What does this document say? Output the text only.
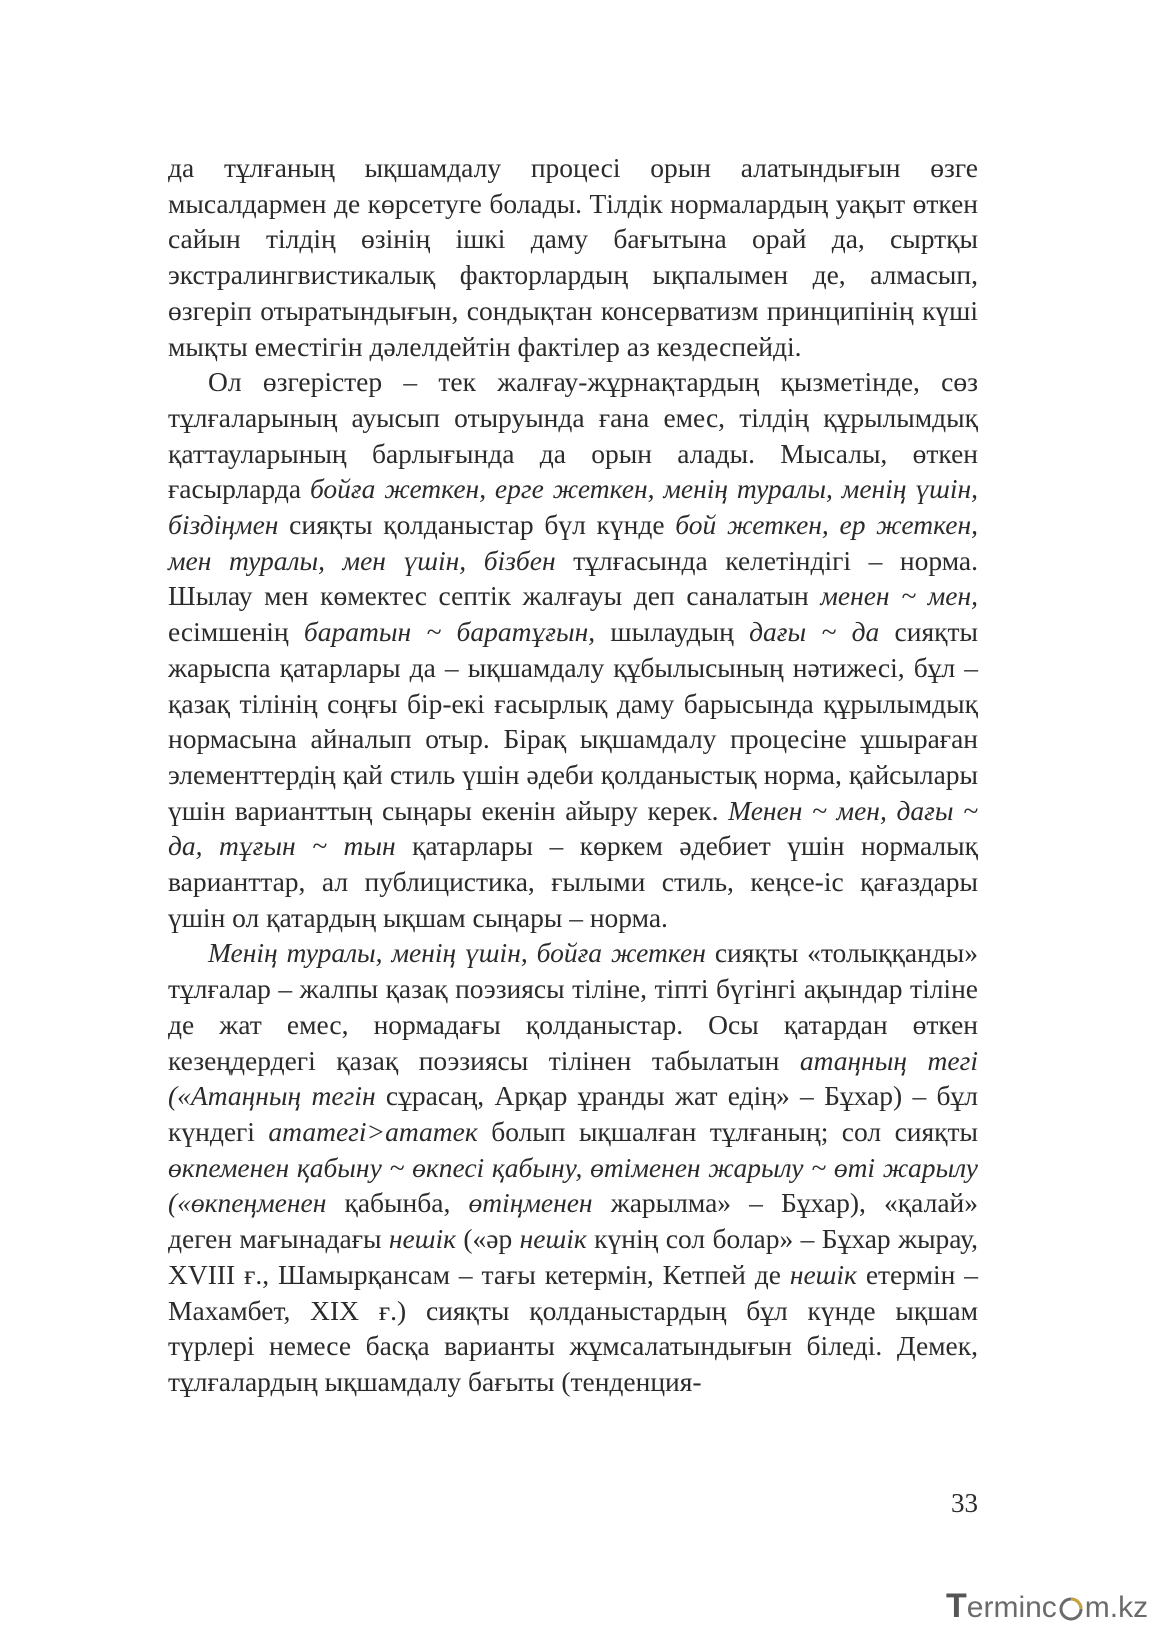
да тұлғаның ықшамдалу процесі орын алатындығын өзге мысалдармен де көрсетуге болады. Тілдік нормалардың уақыт өткен сайын тілдің өзінің ішкі даму бағытына орай да, сыртқы экстралингвистикалық факторлардың ықпалымен де, алмасып, өзгеріп отыратындығын, сондықтан консерватизм принципінің күші мықты еместігін дәлелдейтін фактілер аз кездеспейді.

Ол өзгерістер – тек жалғау-жұрнақтардың қызметінде, сөз тұлғаларының ауысып отыруында ғана емес, тілдің құрылымдық қаттауларының барлығында да орын алады. Мысалы, өткен ғасырларда бойға жеткен, ерге жеткен, менің туралы, менің үшін, біздіңмен сияқты қолданыстар бүл күнде бой жеткен, ер жеткен, мен туралы, мен үшін, бізбен тұлғасында келетіндігі – норма. Шылау мен көмектес септік жалғауы деп саналатын менен ~ мен, есімшенің баратын ~ баратұғын, шылаудың дағы ~ да сияқты жарыспа қатарлары да – ықшамдалу құбылысының нәтижесі, бұл – қазақ тілінің соңғы бір-екі ғасырлық даму барысында құрылымдық нормасына айналып отыр. Бірақ ықшамдалу процесіне ұшыраған элементтердің қай стиль үшін әдеби қолданыстық норма, қайсылары үшін варианттың сыңары екенін айыру керек. Менен ~ мен, дағы ~ да, тұғын ~ тын қатарлары – көркем әдебиет үшін нормалық варианттар, ал публицистика, ғылыми стиль, кеңсе-іс қағаздары үшін ол қатардың ықшам сыңары – норма.

Менің туралы, менің үшін, бойға жеткен сияқты «толыққанды» тұлғалар – жалпы қазақ поэзиясы тіліне, тіпті бүгінгі ақындар тіліне де жат емес, нормадағы қолданыстар. Осы қатардан өткен кезеңдердегі қазақ поэзиясы тілінен табылатын атаңның тегі («Атаңның тегін сұрасаң, Арқар ұранды жат едің» – Бұхар) – бұл күндегі ататегі>ататек болып ықшалған тұлғаның; сол сияқты өкпеменен қабыну ~ өкпесі қабыну, өтіменен жарылу ~ өті жарылу («өкпеңменен қабынба, өтіңменен жарылма» – Бұхар), «қалай» деген мағынадағы нешік («әр нешік күнің сол болар» – Бұхар жырау, XVIII ғ., Шамырқансам – тағы кетермін, Кетпей де нешік етермін – Махамбет, XIX ғ.) сияқты қолданыстардың бұл күнде ықшам түрлері немесе басқа варианты жұмсалатындығын біледі. Демек, тұлғалардың ықшамдалу бағыты (тенденция-

33
Terminc m.kz
